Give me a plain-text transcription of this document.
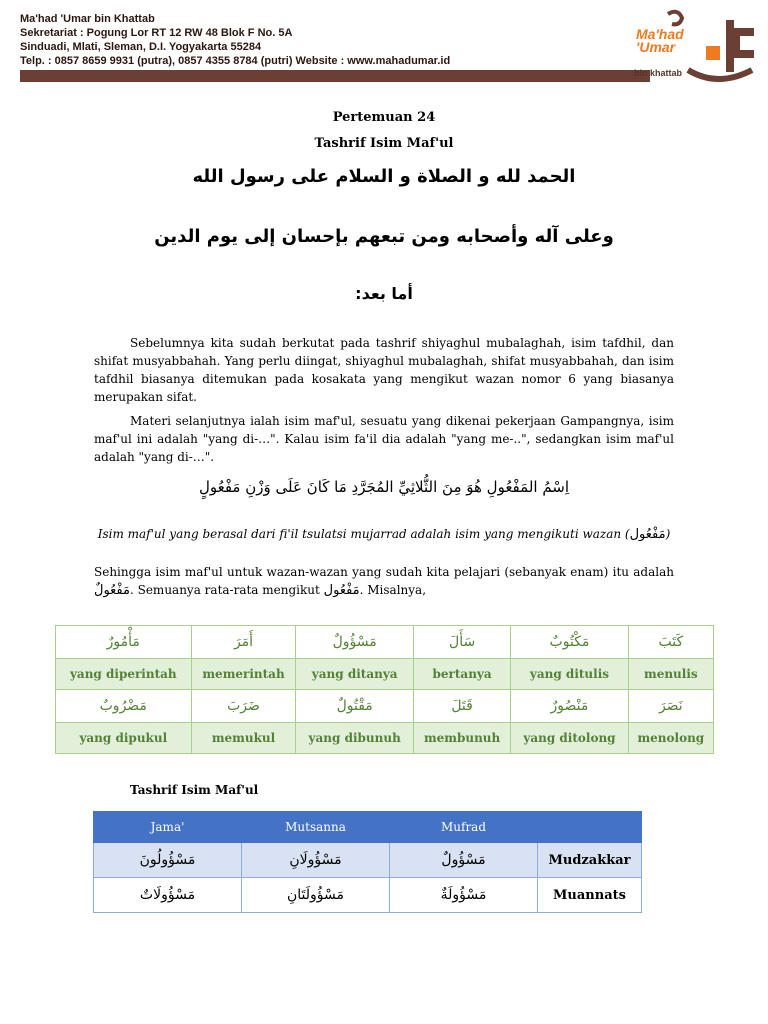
Ma'had 'Umar bin Khattab
Sekretariat : Pogung Lor RT 12 RW 48 Blok F No. 5A
Sinduadi, Mlati, Sleman, D.I. Yogyakarta 55284
Telp. : 0857 8659 9931 (putra), 0857 4355 8784 (putri) Website : www.mahadumar.id
Ma'had
'Umar
bin khattab
Pertemuan 24
Tashrif Isim Maf'ul
الحمد لله و الصلاة و السلام على رسول الله
وعلى آله وأصحابه ومن تبعهم بإحسان إلى يوم الدين
أما بعد:
Sebelumnya kita sudah berkutat pada tashrif shiyaghul mubalaghah, isim tafdhil, dan shifat musyabbahah. Yang perlu diingat, shiyaghul mubalaghah, shifat musyabbahah, dan isim tafdhil biasanya ditemukan pada kosakata yang mengikut wazan nomor 6 yang biasanya merupakan sifat.
Materi selanjutnya ialah isim maf'ul, sesuatu yang dikenai pekerjaan Gampangnya, isim maf'ul ini adalah "yang di-…". Kalau isim fa'il dia adalah "yang me-..", sedangkan isim maf'ul adalah "yang di-…".
اِسْمُ المَفْعُولِ هُوَ مِنَ الثُّلاثِيِّ المُجَرَّدِ مَا كَانَ عَلَى وَزْنِ مَفْعُولٍ
Isim maf'ul yang berasal dari fi'il tsulatsi mujarrad adalah isim yang mengikuti wazan (مَفْعُول)
Sehingga isim maf'ul untuk wazan-wazan yang sudah kita pelajari (sebanyak enam) itu adalah مَفْعُولٌ. Semuanya rata-rata mengikut مَفْعُول. Misalnya,
مَأْمُورٌ	أَمَرَ	مَسْؤُولٌ	سَأَلَ	مَكْتُوبٌ	كَتَبَ
yang diperintah	memerintah	yang ditanya	bertanya	yang ditulis	menulis
مَضْرُوبٌ	ضَرَبَ	مَقْتُولٌ	قَتَلَ	مَنْصُورٌ	نَصَرَ
yang dipukul	memukul	yang dibunuh	membunuh	yang ditolong	menolong
Tashrif Isim Maf'ul
Jama'	Mutsanna	Mufrad	
مَسْؤُولُونَ	مَسْؤُولَانِ	مَسْؤُولٌ	Mudzakkar
مَسْؤُولَاتٌ	مَسْؤُولَتَانِ	مَسْؤُولَةٌ	Muannats
